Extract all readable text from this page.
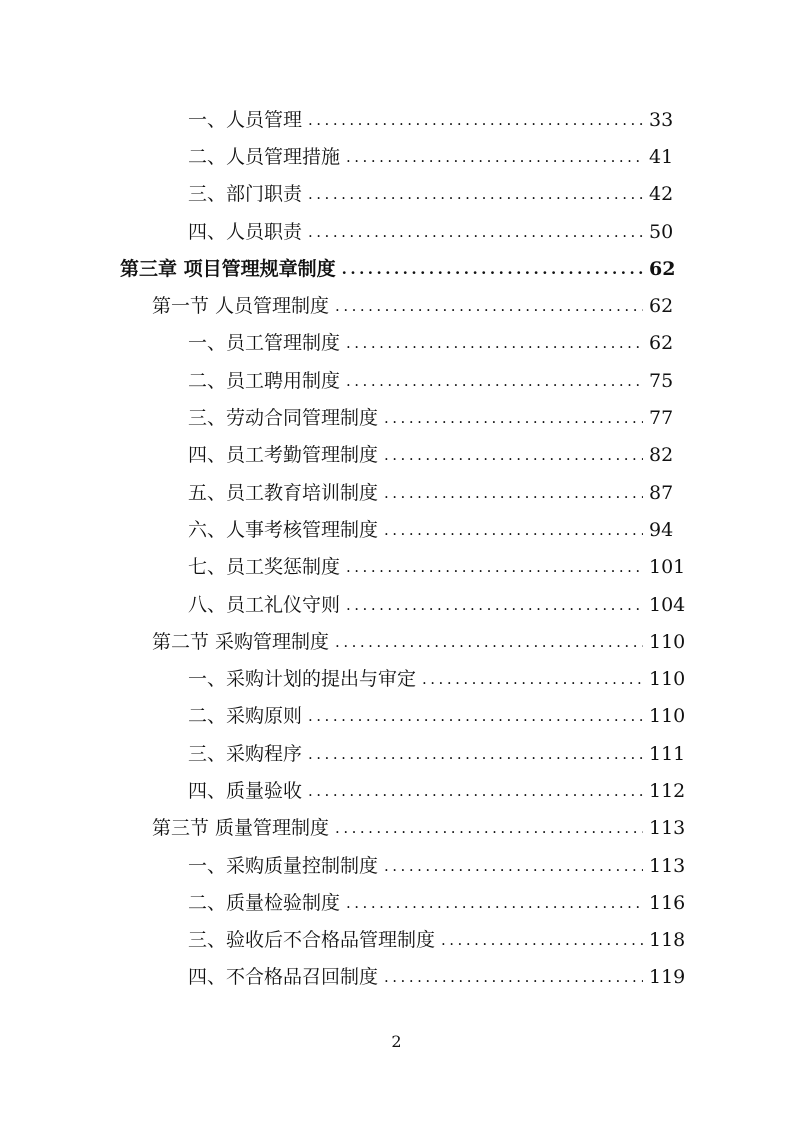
一、人员管理 .....	33
二、人员管理措施 .....	41
三、部门职责 .....	42
四、人员职责 .....	50
第三章 项目管理规章制度 .....	62
第一节 人员管理制度 .....	62
一、员工管理制度 .....	62
二、员工聘用制度 .....	75
三、劳动合同管理制度 .....	77
四、员工考勤管理制度 .....	82
五、员工教育培训制度 .....	87
六、人事考核管理制度 .....	94
七、员工奖惩制度 .....	101
八、员工礼仪守则 .....	104
第二节 采购管理制度 .....	110
一、采购计划的提出与审定 .....	110
二、采购原则 .....	110
三、采购程序 .....	111
四、质量验收 .....	112
第三节 质量管理制度 .....	113
一、采购质量控制制度 .....	113
二、质量检验制度 .....	116
三、验收后不合格品管理制度 .....	118
四、不合格品召回制度 .....	119
2
